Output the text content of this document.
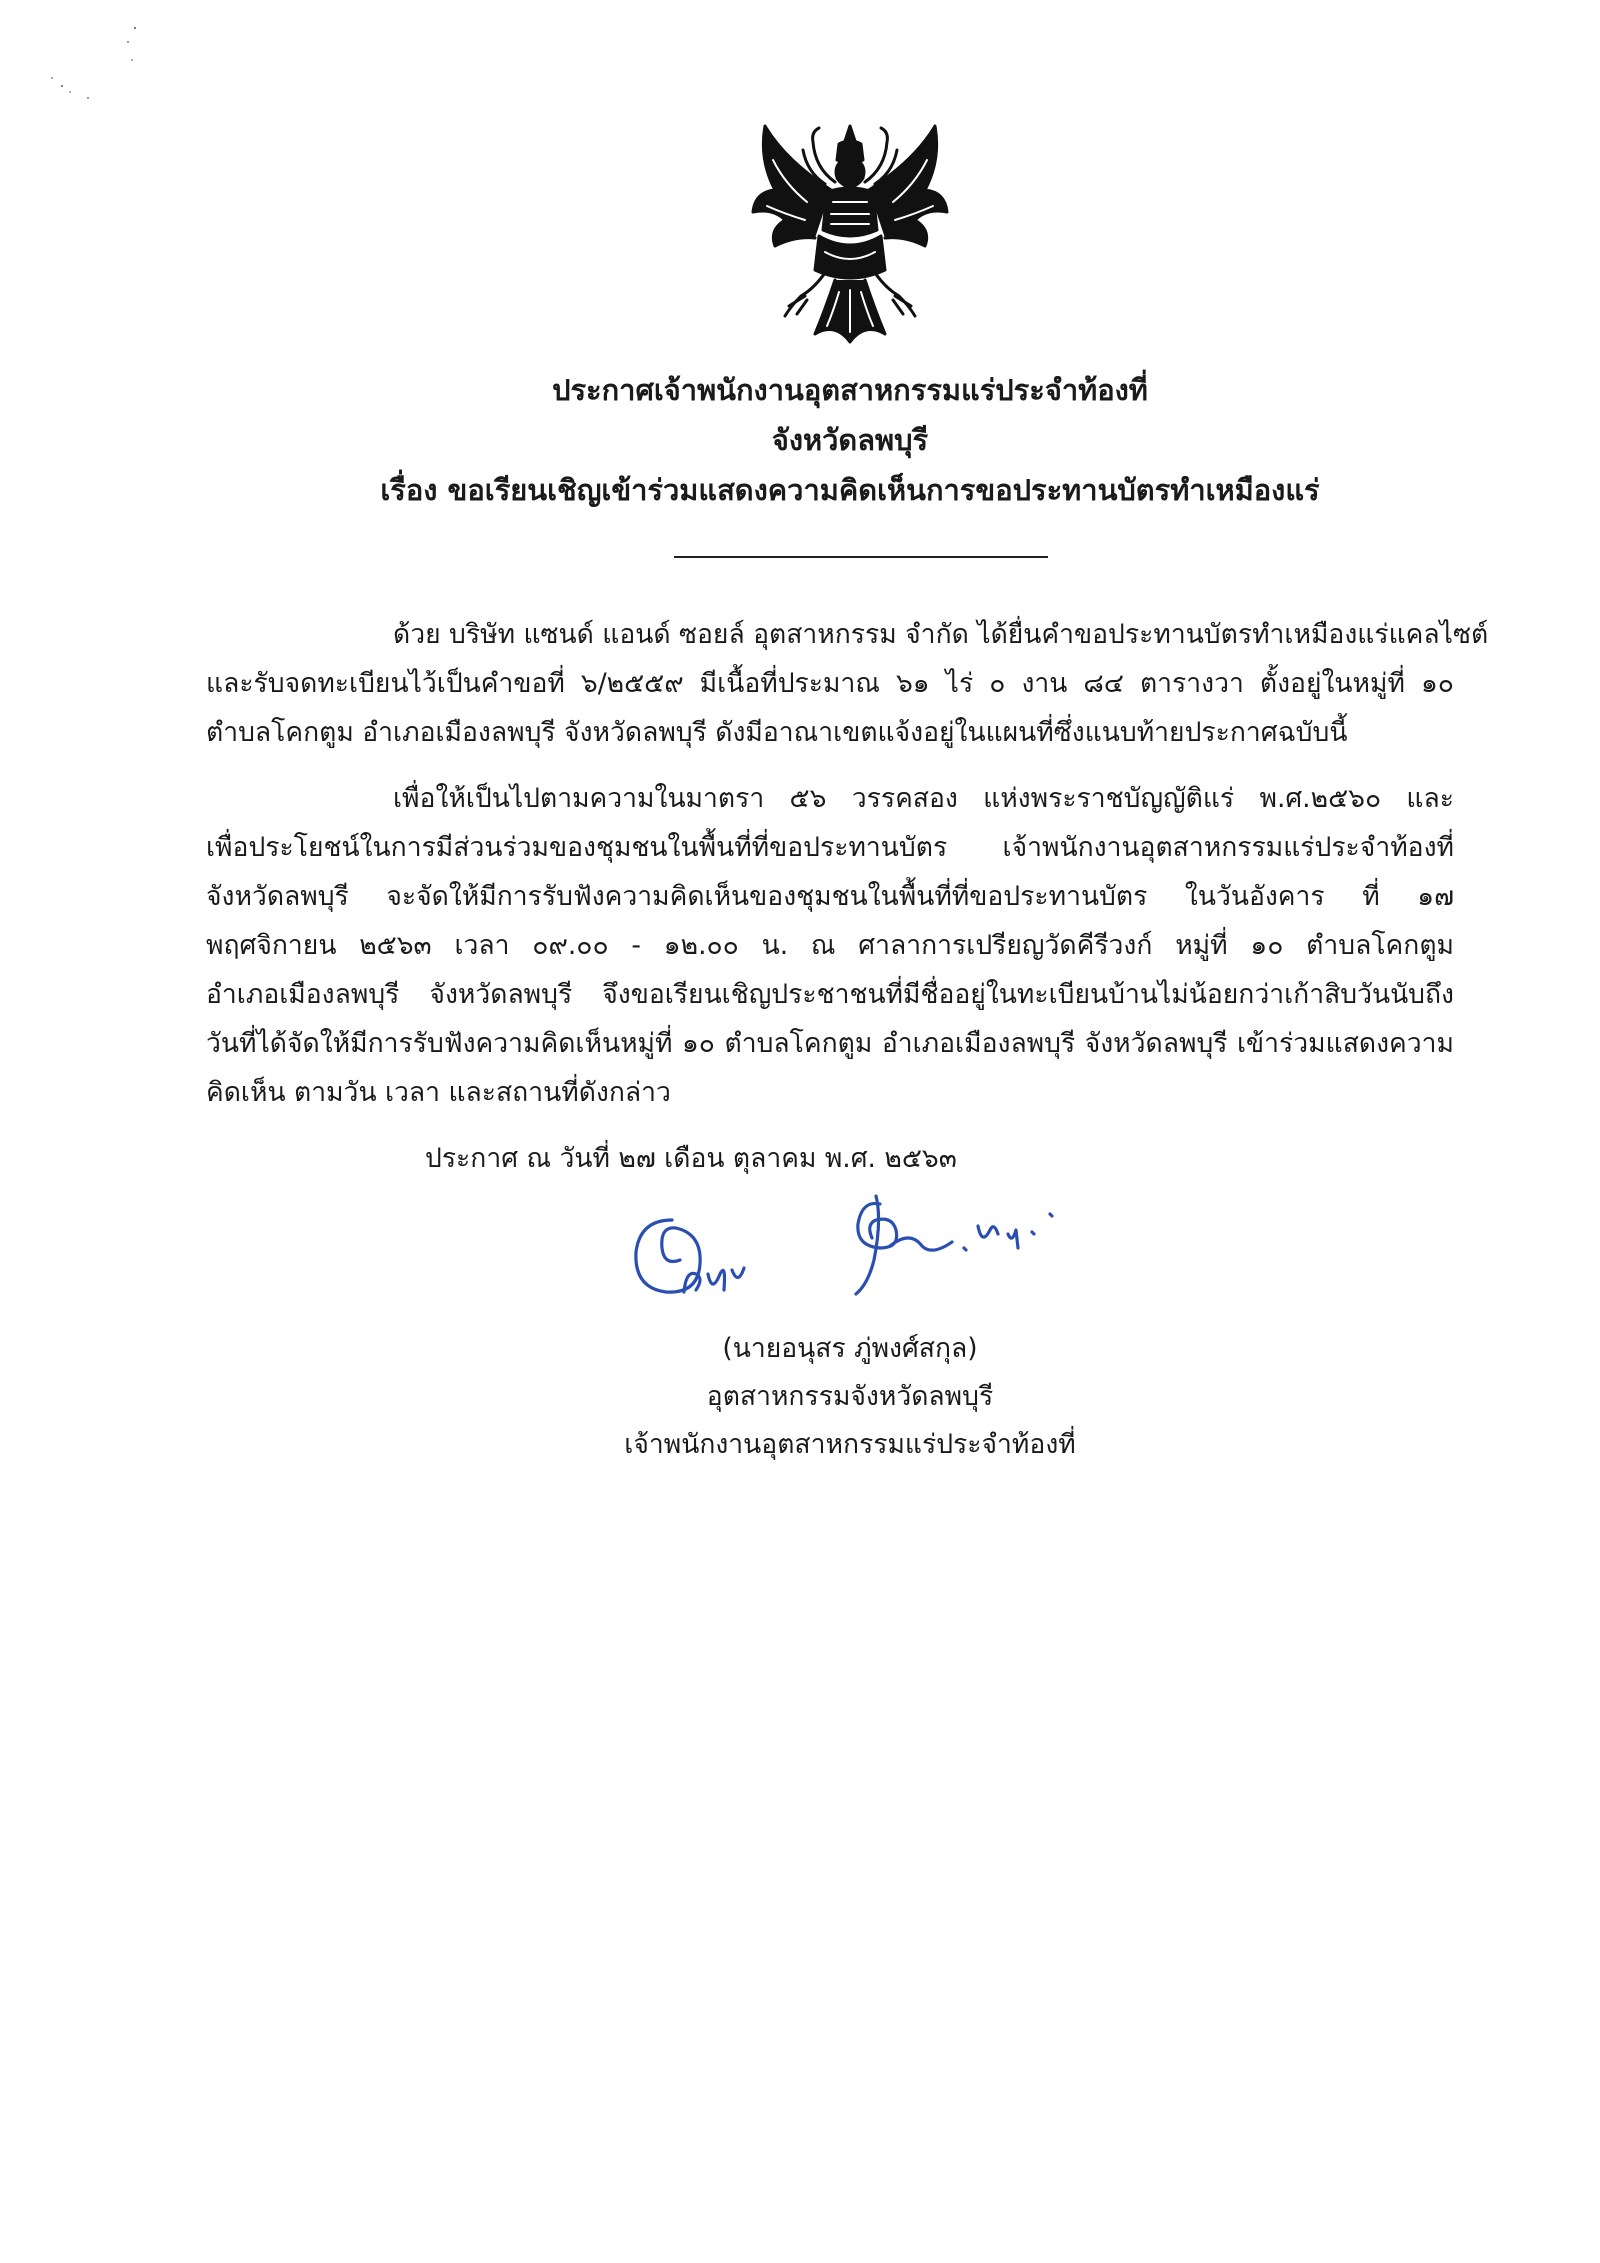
ประกาศเจ้าพนักงานอุตสาหกรรมแร่ประจำท้องที่
จังหวัดลพบุรี
เรื่อง ขอเรียนเชิญเข้าร่วมแสดงความคิดเห็นการขอประทานบัตรทำเหมืองแร่
ด้วย บริษัท แซนด์ แอนด์ ซอยล์ อุตสาหกรรม จำกัด ได้ยื่นคำขอประทานบัตรทำเหมืองแร่แคลไซต์
และรับจดทะเบียนไว้เป็นคำขอที่ ๖/๒๕๕๙ มีเนื้อที่ประมาณ ๖๑ ไร่ ๐ งาน ๘๔ ตารางวา ตั้งอยู่ในหมู่ที่ ๑๐
ตำบลโคกตูม อำเภอเมืองลพบุรี จังหวัดลพบุรี ดังมีอาณาเขตแจ้งอยู่ในแผนที่ซึ่งแนบท้ายประกาศฉบับนี้
เพื่อให้เป็นไปตามความในมาตรา ๕๖ วรรคสอง แห่งพระราชบัญญัติแร่ พ.ศ.๒๕๖๐ และ
เพื่อประโยชน์ในการมีส่วนร่วมของชุมชนในพื้นที่ที่ขอประทานบัตร เจ้าพนักงานอุตสาหกรรมแร่ประจำท้องที่
จังหวัดลพบุรี จะจัดให้มีการรับฟังความคิดเห็นของชุมชนในพื้นที่ที่ขอประทานบัตร ในวันอังคาร ที่ ๑๗
พฤศจิกายน ๒๕๖๓ เวลา ๐๙.๐๐ - ๑๒.๐๐ น. ณ ศาลาการเปรียญวัดคีรีวงก์ หมู่ที่ ๑๐ ตำบลโคกตูม
อำเภอเมืองลพบุรี จังหวัดลพบุรี จึงขอเรียนเชิญประชาชนที่มีชื่ออยู่ในทะเบียนบ้านไม่น้อยกว่าเก้าสิบวันนับถึง
วันที่ได้จัดให้มีการรับฟังความคิดเห็นหมู่ที่ ๑๐ ตำบลโคกตูม อำเภอเมืองลพบุรี จังหวัดลพบุรี เข้าร่วมแสดงความ
คิดเห็น ตามวัน เวลา และสถานที่ดังกล่าว
ประกาศ ณ วันที่ ๒๗ เดือน ตุลาคม พ.ศ. ๒๕๖๓
(นายอนุสร ภู่พงศ์สกุล)
อุตสาหกรรมจังหวัดลพบุรี
เจ้าพนักงานอุตสาหกรรมแร่ประจำท้องที่
